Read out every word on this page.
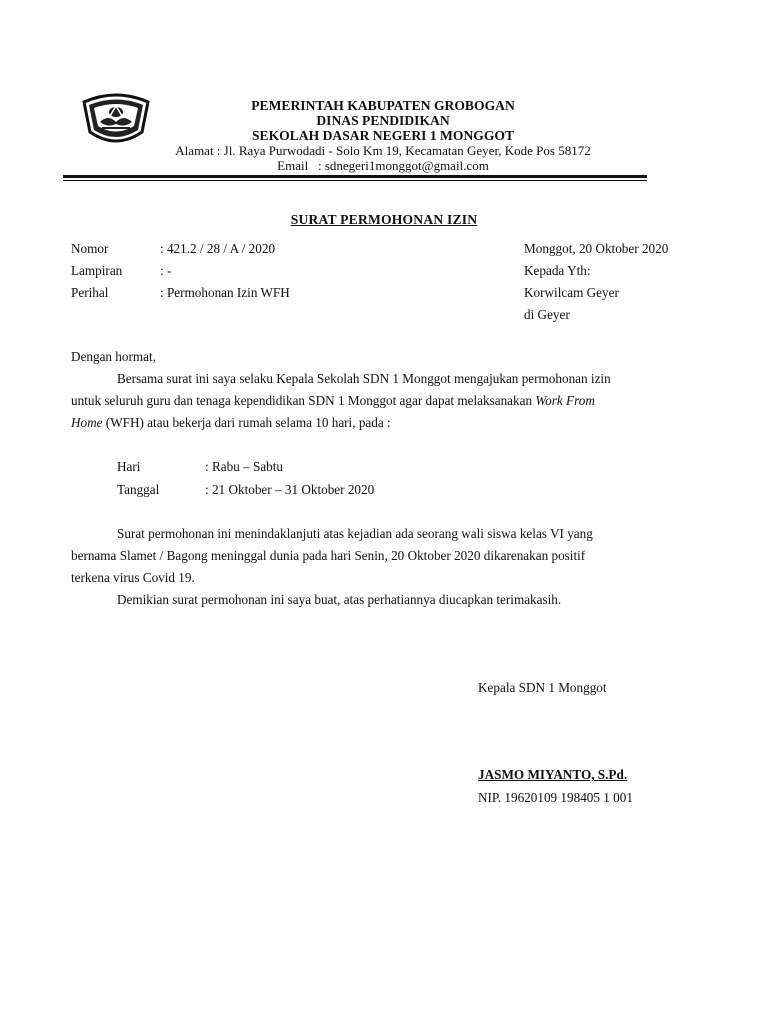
PEMERINTAH KABUPATEN GROBOGAN
DINAS PENDIDIKAN
SEKOLAH DASAR NEGERI 1 MONGGOT
Alamat : Jl. Raya Purwodadi - Solo Km 19, Kecamatan Geyer, Kode Pos 58172
Email   : sdnegeri1monggot@gmail.com
SURAT PERMOHONAN IZIN
Nomor	: 421.2 / 28 / A / 2020
Lampiran	: -
Perihal	: Permohonan Izin WFH
Monggot, 20 Oktober 2020
Kepada Yth:
Korwilcam Geyer
di Geyer
Dengan hormat,
Bersama surat ini saya selaku Kepala Sekolah SDN 1 Monggot mengajukan permohonan izin
untuk seluruh guru dan tenaga kependidikan SDN 1 Monggot agar dapat melaksanakan Work From
Home (WFH) atau bekerja dari rumah selama 10 hari, pada :
Hari	: Rabu – Sabtu
Tanggal	: 21 Oktober – 31 Oktober 2020
Surat permohonan ini menindaklanjuti atas kejadian ada seorang wali siswa kelas VI yang
bernama Slamet / Bagong meninggal dunia pada hari Senin, 20 Oktober 2020 dikarenakan positif
terkena virus Covid 19.
Demikian surat permohonan ini saya buat, atas perhatiannya diucapkan terimakasih.
Kepala SDN 1 Monggot
JASMO MIYANTO, S.Pd.
NIP. 19620109 198405 1 001
